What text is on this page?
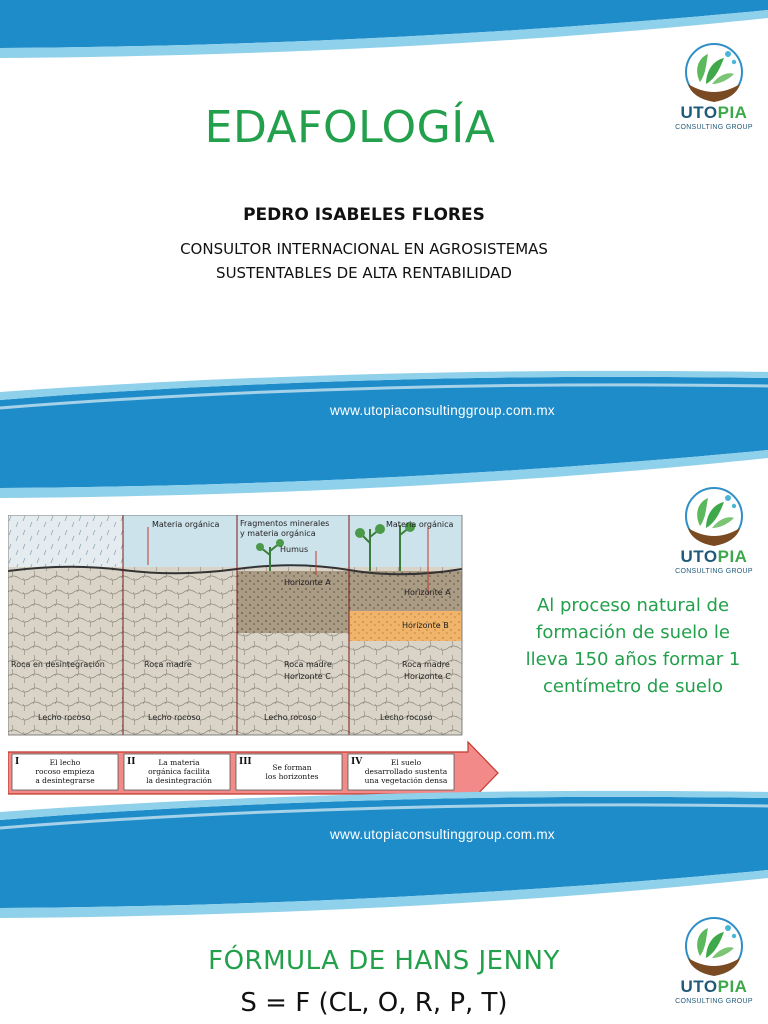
UTOPIA
CONSULTING GROUP
EDAFOLOGÍA
PEDRO ISABELES FLORES
CONSULTOR INTERNACIONAL EN AGROSISTEMAS
SUSTENTABLES DE ALTA RENTABILIDAD
www.utopiaconsultinggroup.com.mx
UTOPIA
CONSULTING GROUP
Materia orgánica	Fragmentos minerales
y materia orgánica
Humus
Materia orgánica
Horizonte A
Horizonte A
Horizonte B
Roca en desintegración	Roca madre	Roca madre	Roca madre
Horizonte C	Horizonte C
Lecho rocoso	Lecho rocoso	Lecho rocoso	Lecho rocoso
I	El lecho
rocoso empieza
a desintegrarse
II	La materia
orgánica facilita
la desintegración
III
Se forman
los horizontes
IV	El suelo
desarrollado sustenta
una vegetación densa
Al proceso natural de
formación de suelo le
lleva 150 años formar 1
centímetro de suelo
www.utopiaconsultinggroup.com.mx
UTOPIA
CONSULTING GROUP
FÓRMULA DE HANS JENNY
S = F (CL, O, R, P, T)
